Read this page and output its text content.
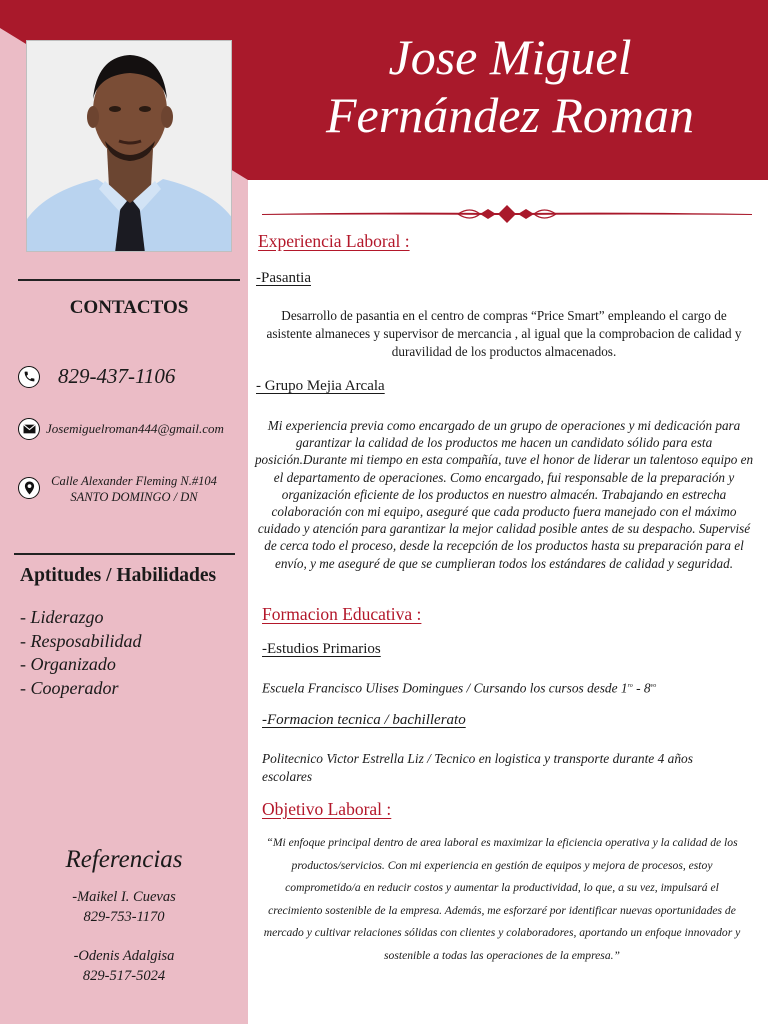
Jose Miguel
Fernández Roman
CONTACTOS
829-437-1106
Josemiguelroman444@gmail.com
Calle Alexander Fleming N.#104
SANTO DOMINGO / DN
Aptitudes / Habilidades
- Liderazgo
- Resposabilidad
- Organizado
- Cooperador
Referencias
-Maikel I. Cuevas
829-753-1170
-Odenis Adalgisa
829-517-5024
Experiencia Laboral :
-Pasantia
Desarrollo de pasantia en el centro de compras “Price Smart” empleando el cargo de asistente almaneces y supervisor de mercancia , al igual que la comprobacion de calidad y duravilidad de los productos almacenados.
- Grupo Mejia Arcala
Mi experiencia previa como encargado de un grupo de operaciones y mi dedicación para garantizar la calidad de los productos me hacen un candidato sólido para esta posición.Durante mi tiempo en esta compañía, tuve el honor de liderar un talentoso equipo en el departamento de operaciones. Como encargado, fui responsable de la preparación y organización eficiente de los productos en nuestro almacén. Trabajando en estrecha colaboración con mi equipo, aseguré que cada producto fuera manejado con el máximo cuidado y atención para garantizar la mejor calidad posible antes de su despacho. Supervisé de cerca todo el proceso, desde la recepción de los productos hasta su preparación para el envío, y me aseguré de que se cumplieran todos los estándares de calidad y seguridad.
Formacion Educativa :
-Estudios Primarios
Escuela Francisco Ulises Domingues / Cursando los cursos desde $1^{ro} - 8^{vo}$
-Formacion tecnica / bachillerato
Politecnico Victor Estrella Liz / Tecnico en logistica y transporte durante 4 años escolares
Objetivo Laboral :
“Mi enfoque principal dentro de area laboral es maximizar la eficiencia operativa y la calidad de los productos/servicios. Con mi experiencia en gestión de equipos y mejora de procesos, estoy comprometido/a en reducir costos y aumentar la productividad, lo que, a su vez, impulsará el crecimiento sostenible de la empresa. Además, me esforzaré por identificar nuevas oportunidades de mercado y cultivar relaciones sólidas con clientes y colaboradores, aportando un enfoque innovador y sostenible a todas las operaciones de la empresa.”
